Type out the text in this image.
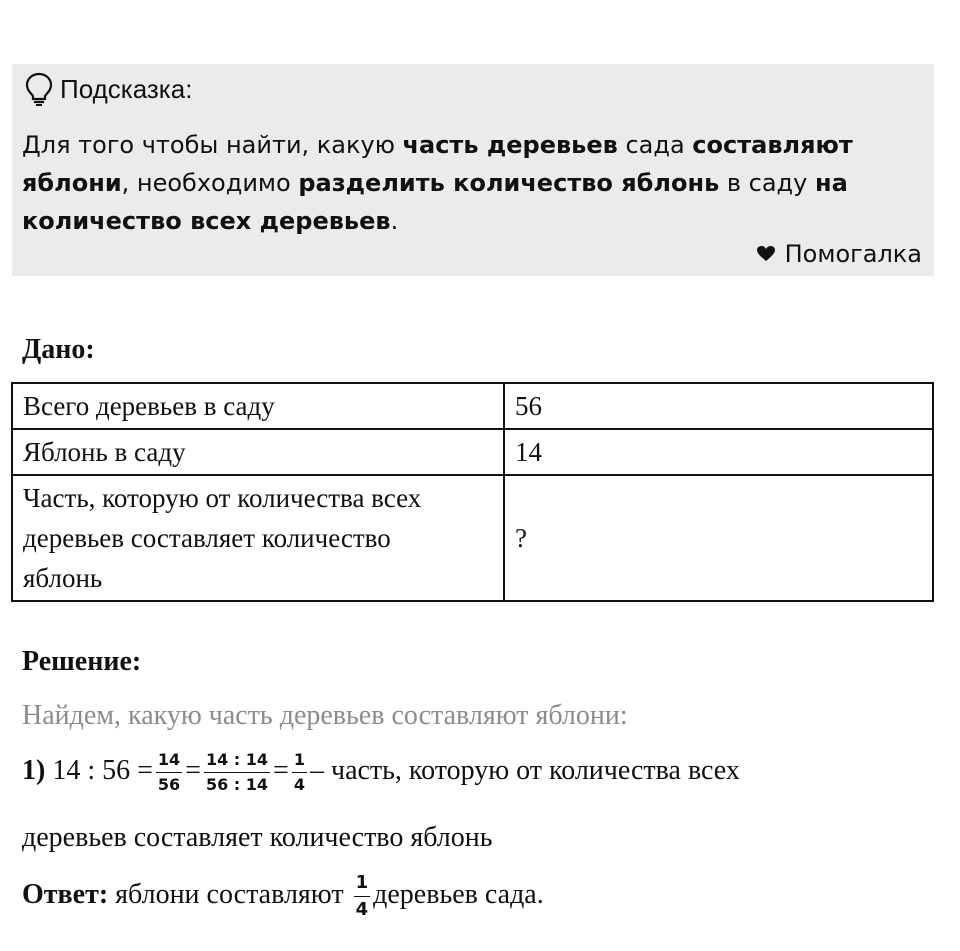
Подсказка:
Для того чтобы найти, какую часть деревьев сада составляют яблони, необходимо разделить количество яблонь в саду на количество всех деревьев.
Помогалка
Дано:
Всего деревьев в саду	56
Яблонь в саду	14
Часть, которую от количества всех деревьев составляет количество яблонь	?
Решение:
Найдем, какую часть деревьев составляют яблони:
1) 14 : $56 = \frac{14}{56} = \frac{14 : 14}{56 : 14} = \frac{1}{4}$ – часть, которую от количества всех
деревьев составляет количество яблонь
Ответ: яблони составляют $\frac{1}{4}$ деревьев сада.
